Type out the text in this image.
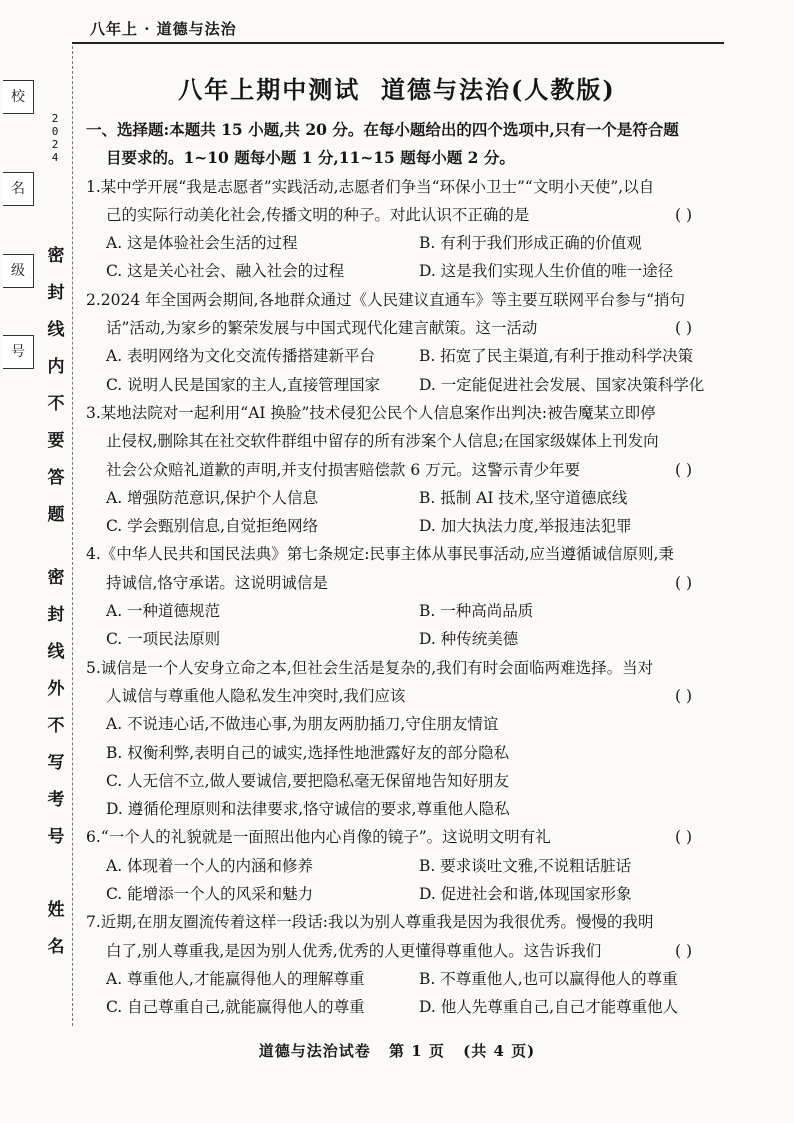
八年上 · 道德与法治
校
名
级
号
2024
密
封
线
内
不
要
答
题
密
封
线
外
不
写
考
号
姓
名
八年上期中测试  道德与法治(人教版)

一、选择题:本题共 15 小题,共 20 分。在每小题给出的四个选项中,只有一个是符合题

目要求的。1~10 题每小题 1 分,11~15 题每小题 2 分。

1.某中学开展“我是志愿者”实践活动,志愿者们争当“环保小卫士”“文明小天使”,以自

己的实际行动美化社会,传播文明的种子。对此认识不正确的是	( )

A. 这是体验社会生活的过程	B. 有利于我们形成正确的价值观
C. 这是关心社会、融入社会的过程	D. 这是我们实现人生价值的唯一途径

2.2024 年全国两会期间,各地群众通过《人民建议直通车》等主要互联网平台参与“捎句

话”活动,为家乡的繁荣发展与中国式现代化建言献策。这一活动	( )

A. 表明网络为文化交流传播搭建新平台	B. 拓宽了民主渠道,有利于推动科学决策
C. 说明人民是国家的主人,直接管理国家	D. 一定能促进社会发展、国家决策科学化

3.某地法院对一起利用“AI 换脸”技术侵犯公民个人信息案作出判决:被告魔某立即停

止侵权,删除其在社交软件群组中留存的所有涉案个人信息;在国家级媒体上刊发向

社会公众赔礼道歉的声明,并支付损害赔偿款 6 万元。这警示青少年要	( )

A. 增强防范意识,保护个人信息	B. 抵制 AI 技术,坚守道德底线
C. 学会甄别信息,自觉拒绝网络	D. 加大执法力度,举报违法犯罪

4.《中华人民共和国民法典》第七条规定:民事主体从事民事活动,应当遵循诚信原则,秉

持诚信,恪守承诺。这说明诚信是	( )

A. 一种道德规范	B. 一种高尚品质
C. 一项民法原则	D. 种传统美德

5.诚信是一个人安身立命之本,但社会生活是复杂的,我们有时会面临两难选择。当对

人诚信与尊重他人隐私发生冲突时,我们应该	( )

A. 不说违心话,不做违心事,为朋友两肋插刀,守住朋友情谊
B. 权衡利弊,表明自己的诚实,选择性地泄露好友的部分隐私
C. 人无信不立,做人要诚信,要把隐私毫无保留地告知好朋友
D. 遵循伦理原则和法律要求,恪守诚信的要求,尊重他人隐私

6.“一个人的礼貌就是一面照出他内心肖像的镜子”。这说明文明有礼	( )

A. 体现着一个人的内涵和修养	B. 要求谈吐文雅,不说粗话脏话
C. 能增添一个人的风采和魅力	D. 促进社会和谐,体现国家形象

7.近期,在朋友圈流传着这样一段话:我以为别人尊重我是因为我很优秀。慢慢的我明

白了,别人尊重我,是因为别人优秀,优秀的人更懂得尊重他人。这告诉我们	( )

A. 尊重他人,才能赢得他人的理解尊重	B. 不尊重他人,也可以赢得他人的尊重
C. 自己尊重自己,就能赢得他人的尊重	D. 他人先尊重自己,自己才能尊重他人
道德与法治试卷 第 1 页 (共 4 页)
